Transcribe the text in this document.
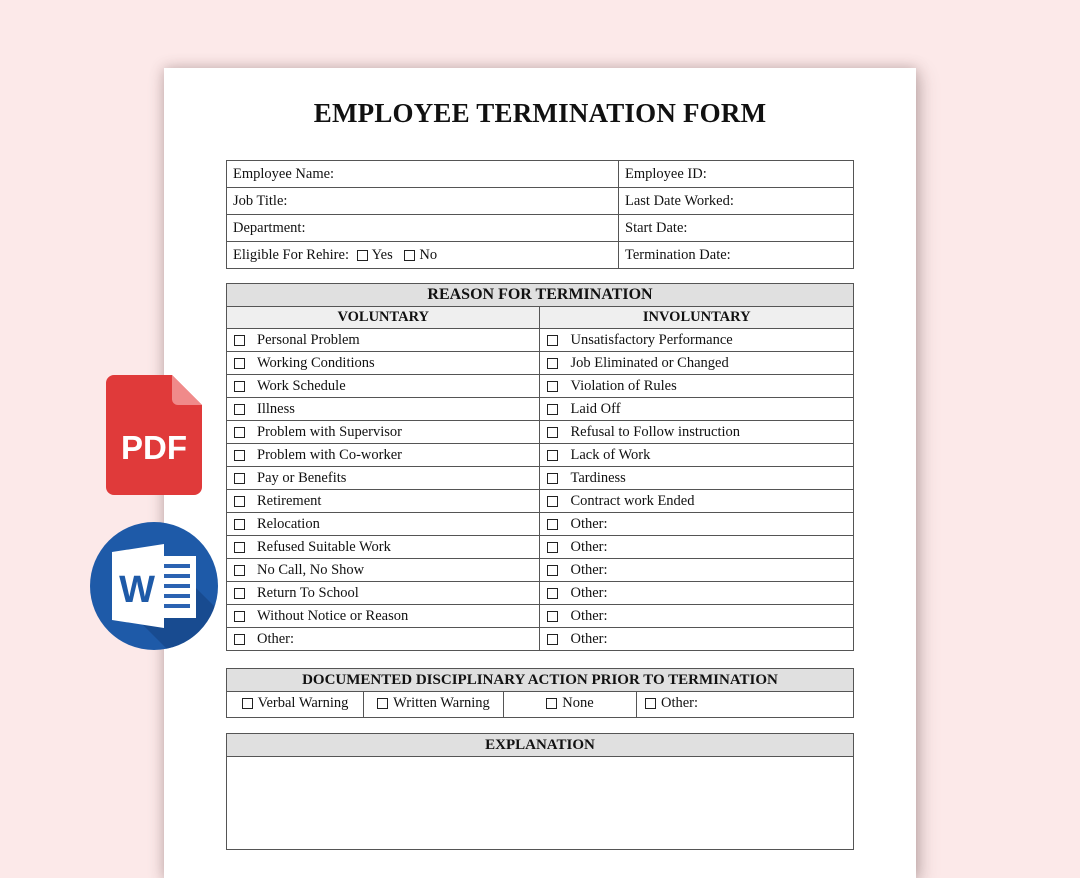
EMPLOYEE TERMINATION FORM
Employee Name:	Employee ID:
Job Title:	Last Date Worked:
Department:	Start Date:
Eligible For Rehire: Yes No	Termination Date:
REASON FOR TERMINATION	
VOLUNTARY	INVOLUNTARY

Personal Problem	Unsatisfactory Performance

Working Conditions	Job Eliminated or Changed

Work Schedule	Violation of Rules

Illness	Laid Off

Problem with Supervisor	Refusal to Follow instruction

Problem with Co-worker	Lack of Work

Pay or Benefits	Tardiness

Retirement	Contract work Ended

Relocation	Other:

Refused Suitable Work	Other:

No Call, No Show	Other:

Return To School	Other:

Without Notice or Reason	Other:

Other:	Other:
DOCUMENTED DISCIPLINARY ACTION PRIOR TO TERMINATION

Verbal Warning	Written Warning	None	Other:
EXPLANATION

PDF
W
